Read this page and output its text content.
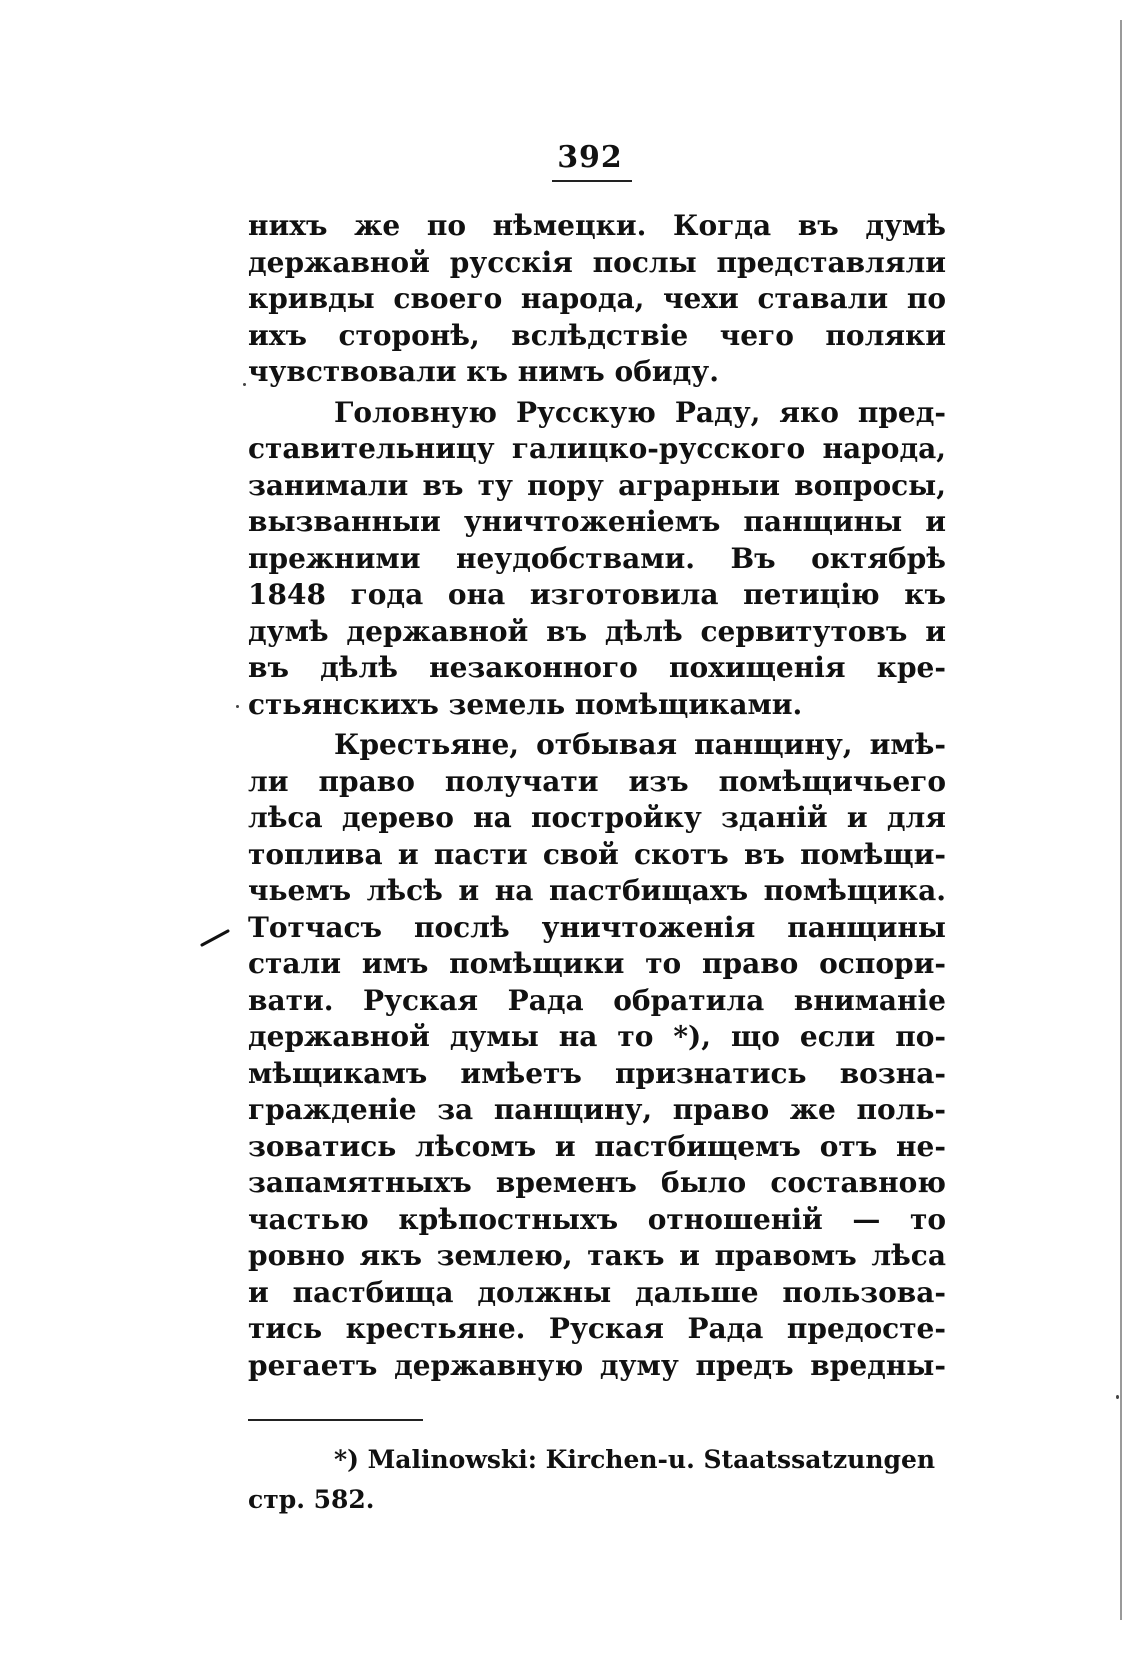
392
нихъ же по нѣмецки. Когда въ думѣ
державной русскія послы представляли
кривды своего народа, чехи ставали по
ихъ сторонѣ, вслѣдствіе чего поляки
чувствовали къ нимъ обиду.
Головную Русскую Раду, яко пред-
ставительницу галицко-русского народа,
занимали въ ту пору аграрныи вопросы,
вызванныи уничтоженіемъ панщины и
прежними неудобствами. Въ октябрѣ
1848 года она изготовила петицію къ
думѣ державной въ дѣлѣ сервитутовъ и
въ дѣлѣ незаконного похищенія кре-
стьянскихъ земель помѣщиками.
Крестьяне, отбывая панщину, имѣ-
ли право получати изъ помѣщичьего
лѣса дерево на постройку зданій и для
топлива и пасти свой скотъ въ помѣщи-
чьемъ лѣсѣ и на пастбищахъ помѣщика.
Тотчасъ послѣ уничтоженія панщины
стали имъ помѣщики то право оспори-
вати. Руская Рада обратила вниманіе
державной думы на то *), що если по-
мѣщикамъ имѣетъ признатись возна-
гражденіе за панщину, право же поль-
зоватись лѣсомъ и пастбищемъ отъ не-
запамятныхъ временъ было составною
частью крѣпостныхъ отношеній — то
ровно якъ землею, такъ и правомъ лѣса
и пастбища должны дальше пользова-
тись крестьяне. Руская Рада предосте-
регаетъ державную думу предъ вредны-
*) Malinowski: Kirchen-u. Staatssatzungen
стр. 582.
